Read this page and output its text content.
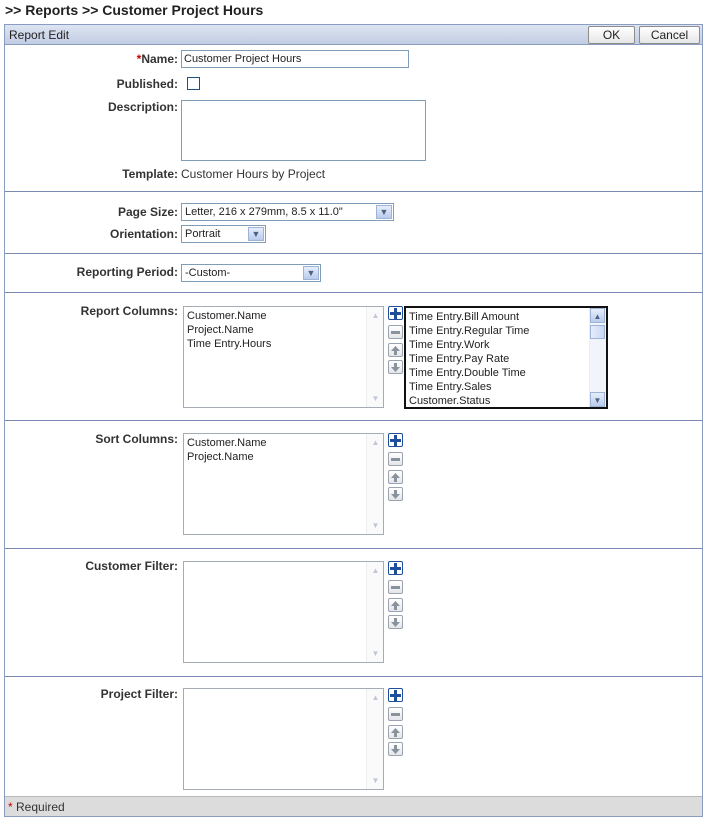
>> Reports >> Customer Project Hours
Report Edit	OK	Cancel
*Name:
Customer Project Hours
Published:
Description:
Template: Customer Hours by Project
Page Size: Letter, 216 x 279mm, 8.5 x 11.0"	▼
Orientation: Portrait	▼
Reporting Period: -Custom-	▼
Report Columns: Customer.Name
Project.Name
Time Entry.Hours
▲
▼
Time Entry.Bill Amount
Time Entry.Regular Time
Time Entry.Work
Time Entry.Pay Rate
Time Entry.Double Time
Time Entry.Sales
Customer.Status
▲
▼
Sort Columns: Customer.Name
Project.Name
▲
▼
Customer Filter:	▲
▼
Project Filter:	▲
▼
* Required
